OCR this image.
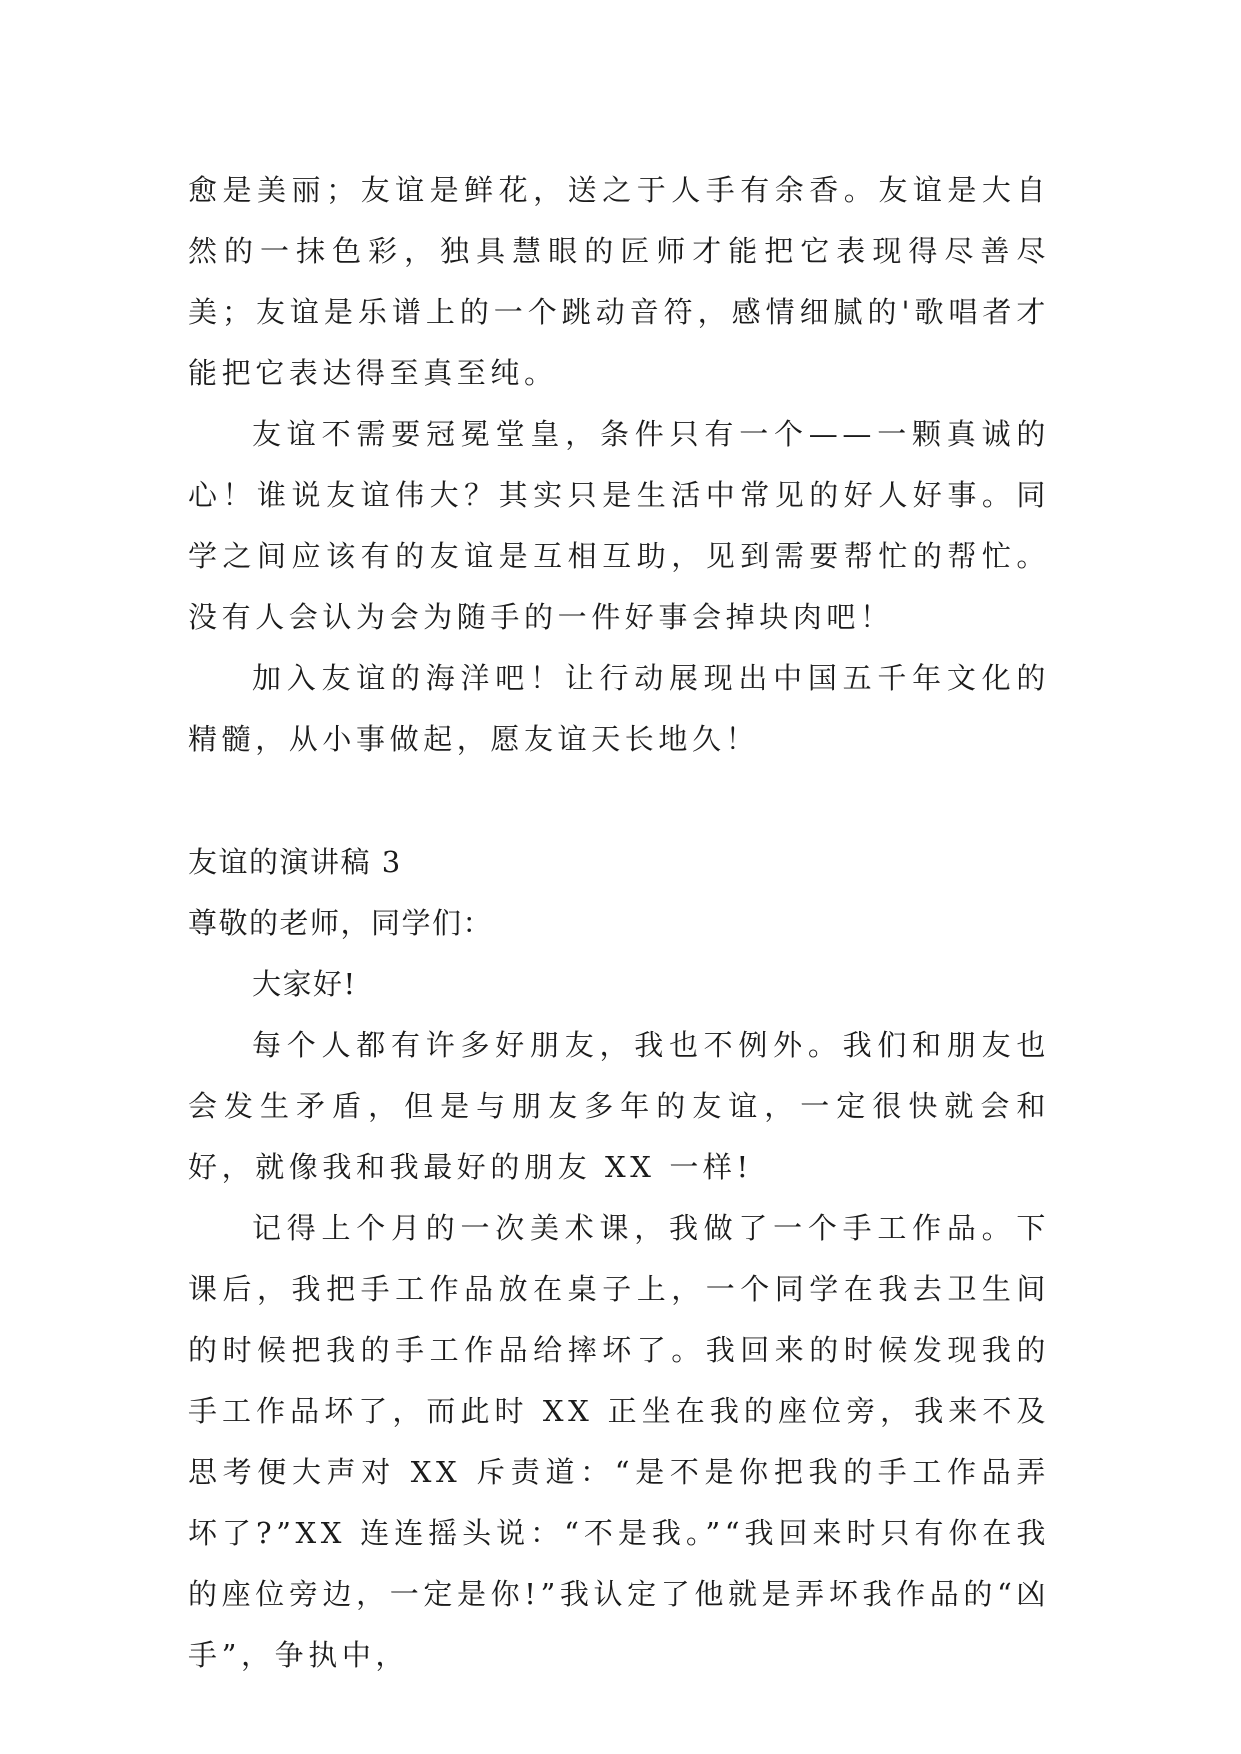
愈是美丽；友谊是鲜花，送之于人手有余香。友谊是大自然的一抹色彩，独具慧眼的匠师才能把它表现得尽善尽美；友谊是乐谱上的一个跳动音符，感情细腻的'歌唱者才能把它表达得至真至纯。

友谊不需要冠冕堂皇，条件只有一个——一颗真诚的心！谁说友谊伟大？其实只是生活中常见的好人好事。同学之间应该有的友谊是互相互助，见到需要帮忙的帮忙。没有人会认为会为随手的一件好事会掉块肉吧！

加入友谊的海洋吧！让行动展现出中国五千年文化的精髓，从小事做起，愿友谊天长地久！

友谊的演讲稿 3

尊敬的老师，同学们：

大家好!

每个人都有许多好朋友，我也不例外。我们和朋友也会发生矛盾，但是与朋友多年的友谊，一定很快就会和好，就像我和我最好的朋友 XX 一样!

记得上个月的一次美术课，我做了一个手工作品。下课后，我把手工作品放在桌子上，一个同学在我去卫生间的时候把我的手工作品给摔坏了。我回来的时候发现我的手工作品坏了，而此时 XX 正坐在我的座位旁，我来不及思考便大声对 XX 斥责道：“是不是你把我的手工作品弄坏了?”XX 连连摇头说：“不是我。”“我回来时只有你在我的座位旁边，一定是你!”我认定了他就是弄坏我作品的“凶手”，争执中，
